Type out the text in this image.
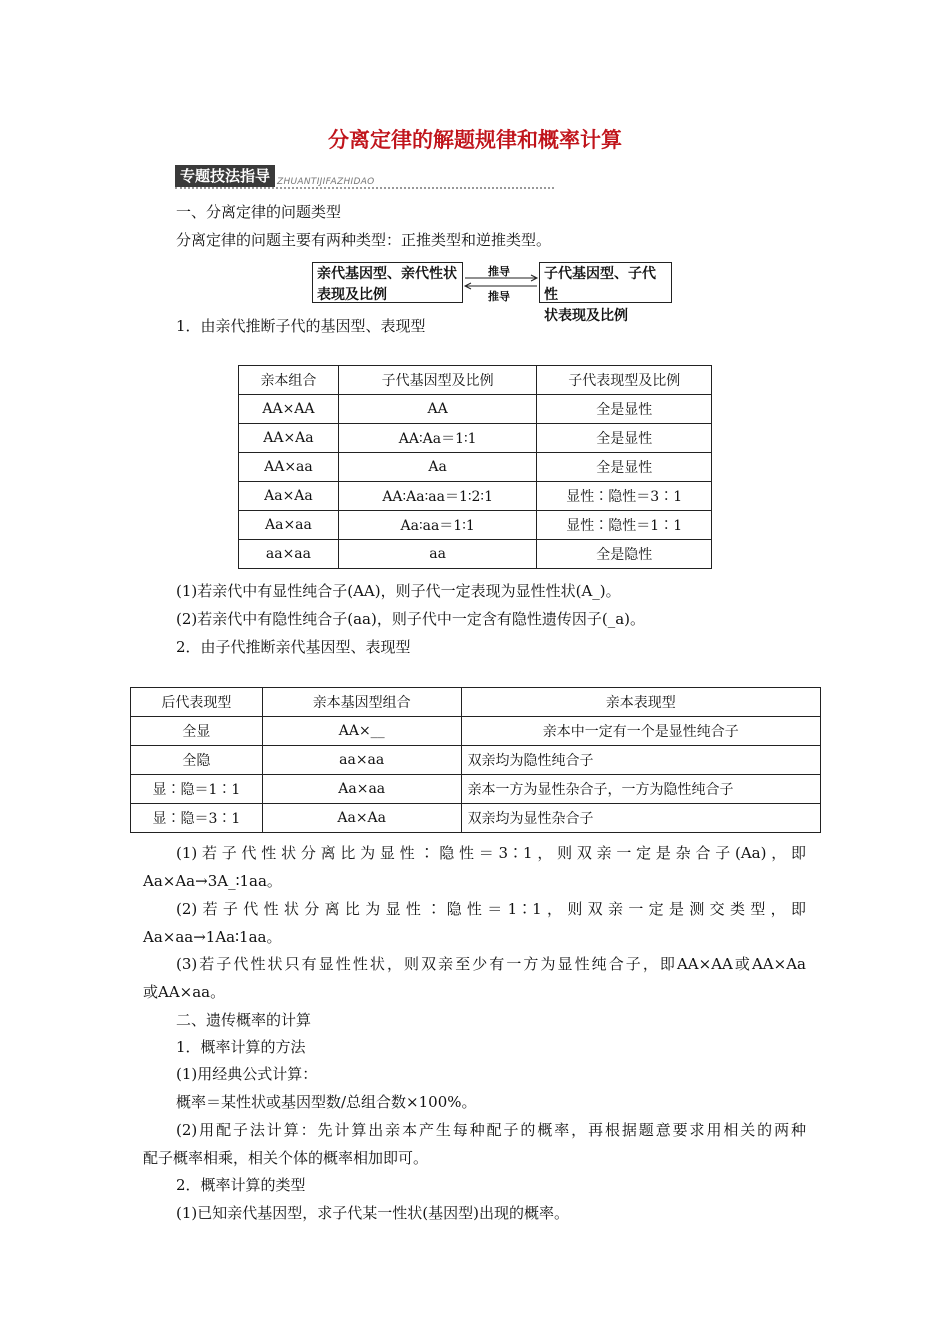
分离定律的解题规律和概率计算
专题技法指导 ZHUANTIJIFAZHIDAO
一、分离定律的问题类型
分离定律的问题主要有两种类型：正推类型和逆推类型。
亲代基因型、亲代性状
表现及比例
推导
推导
子代基因型、子代性
状表现及比例
1．由亲代推断子代的基因型、表现型
亲本组合	子代基因型及比例	子代表现型及比例
AA×AA	AA	全是显性
AA×Aa	AA∶Aa＝1∶1	全是显性
AA×aa	Aa	全是显性
Aa×Aa	AA∶Aa∶aa＝1∶2∶1	显性∶隐性＝3∶1
Aa×aa	Aa∶aa＝1∶1	显性∶隐性＝1∶1
aa×aa	aa	全是隐性
(1)若亲代中有显性纯合子(AA)，则子代一定表现为显性性状(A_)。
(2)若亲代中有隐性纯合子(aa)，则子代中一定含有隐性遗传因子(_a)。
2．由子代推断亲代基因型、表现型
后代表现型	亲本基因型组合	亲本表现型
全显	AA×__	亲本中一定有一个是显性纯合子
全隐	aa×aa	双亲均为隐性纯合子
显∶隐＝1∶1	Aa×aa	亲本一方为显性杂合子，一方为隐性纯合子
显∶隐＝3∶1	Aa×Aa	双亲均为显性杂合子
(1)若子代性状分离比为显性∶隐性＝3∶1，则双亲一定是杂合子(Aa)，即
Aa×Aa→3A_∶1aa。
(2)若子代性状分离比为显性∶隐性＝1∶1，则双亲一定是测交类型，即
Aa×aa→1Aa∶1aa。
(3)若子代性状只有显性性状，则双亲至少有一方为显性纯合子，即AA×AA或AA×Aa
或AA×aa。
二、遗传概率的计算
1．概率计算的方法
(1)用经典公式计算：
概率＝某性状或基因型数/总组合数×100%。
(2)用配子法计算：先计算出亲本产生每种配子的概率，再根据题意要求用相关的两种
配子概率相乘，相关个体的概率相加即可。
2．概率计算的类型
(1)已知亲代基因型，求子代某一性状(基因型)出现的概率。
